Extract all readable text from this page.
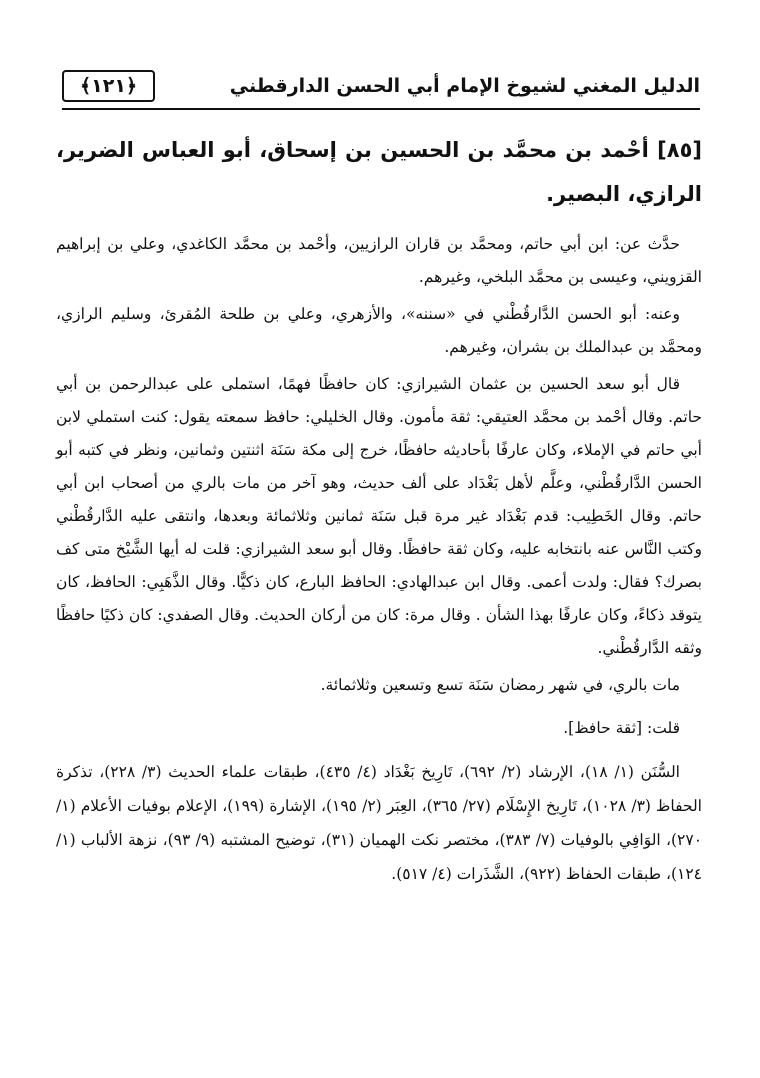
الدليل المغني لشيوخ الإمام أبي الحسن الدارقطني
﴿١٢١﴾
[٨٥] أحْمد بن محمَّد بن الحسين بن إسحاق، أبو العباس الضرير، الرازي، البصير.

حدَّث عن: ابن أبي حاتم، ومحمَّد بن قاران الرازيين، وأحْمد بن محمَّد الكاغدي، وعلي بن إبراهيم القزويني، وعيسى بن محمَّد البلخي، وغيرهم.

وعنه: أبو الحسن الدَّارقُطْني في «سننه»، والأزهري، وعلي بن طلحة المُقرئ، وسليم الرازي، ومحمَّد بن عبدالملك بن بشران، وغيرهم.

قال أبو سعد الحسين بن عثمان الشيرازي: كان حافظًا فهمًا، استملى على عبدالرحمن بن أبي حاتم. وقال أحْمد بن محمَّد العتيقي: ثقة مأمون. وقال الخليلي: حافظ سمعته يقول: كنت استملي لابن أبي حاتم في الإملاء، وكان عارفًا بأحاديثه حافظًا، خرج إلى مكة سَنَة اثنتين وثمانين، ونظر في كتبه أبو الحسن الدَّارقُطْني، وعلَّم لأهل بَغْدَاد على ألف حديث، وهو آخر من مات بالري من أصحاب ابن أبي حاتم. وقال الخَطِيب: قدم بَغْدَاد غير مرة قبل سَنَة ثمانين وثلاثمائة وبعدها، وانتقى عليه الدَّارقُطْني وكتب النَّاس عنه بانتخابه عليه، وكان ثقة حافظًا. وقال أبو سعد الشيرازي: قلت له أيها الشَّيْخ متى كف بصرك؟ فقال: ولدت أعمى. وقال ابن عبدالهادي: الحافظ البارع، كان ذكيًّا. وقال الذَّهَبِي: الحافظ، كان يتوقد ذكاءً، وكان عارفًا بهذا الشأن . وقال مرة: كان من أركان الحديث. وقال الصفدي: كان ذكيًا حافظًا وثقه الدَّارقُطْني.

مات بالري، في شهر رمضان سَنَة تسع وتسعين وثلاثمائة.

قلت: [ثقة حافظ].

السُّنَن (١/ ١٨)، الإرشاد (٢/ ٦٩٢)، تَارِيخ بَغْدَاد (٤/ ٤٣٥)، طبقات علماء الحديث (٣/ ٢٢٨)، تذكرة الحفاظ (٣/ ١٠٢٨)، تَارِيخ الإِسْلَام (٢٧/ ٣٦٥)، العِبَر (٢/ ١٩٥)، الإشارة (١٩٩)، الإعلام بوفيات الأعلام (١/ ٢٧٠)، الوَافِي بالوفيات (٧/ ٣٨٣)، مختصر نكت الهميان (٣١)، توضيح المشتبه (٩/ ٩٣)، نزهة الألباب (١/ ١٢٤)، طبقات الحفاظ (٩٢٢)، الشَّذَرات (٤/ ٥١٧).
